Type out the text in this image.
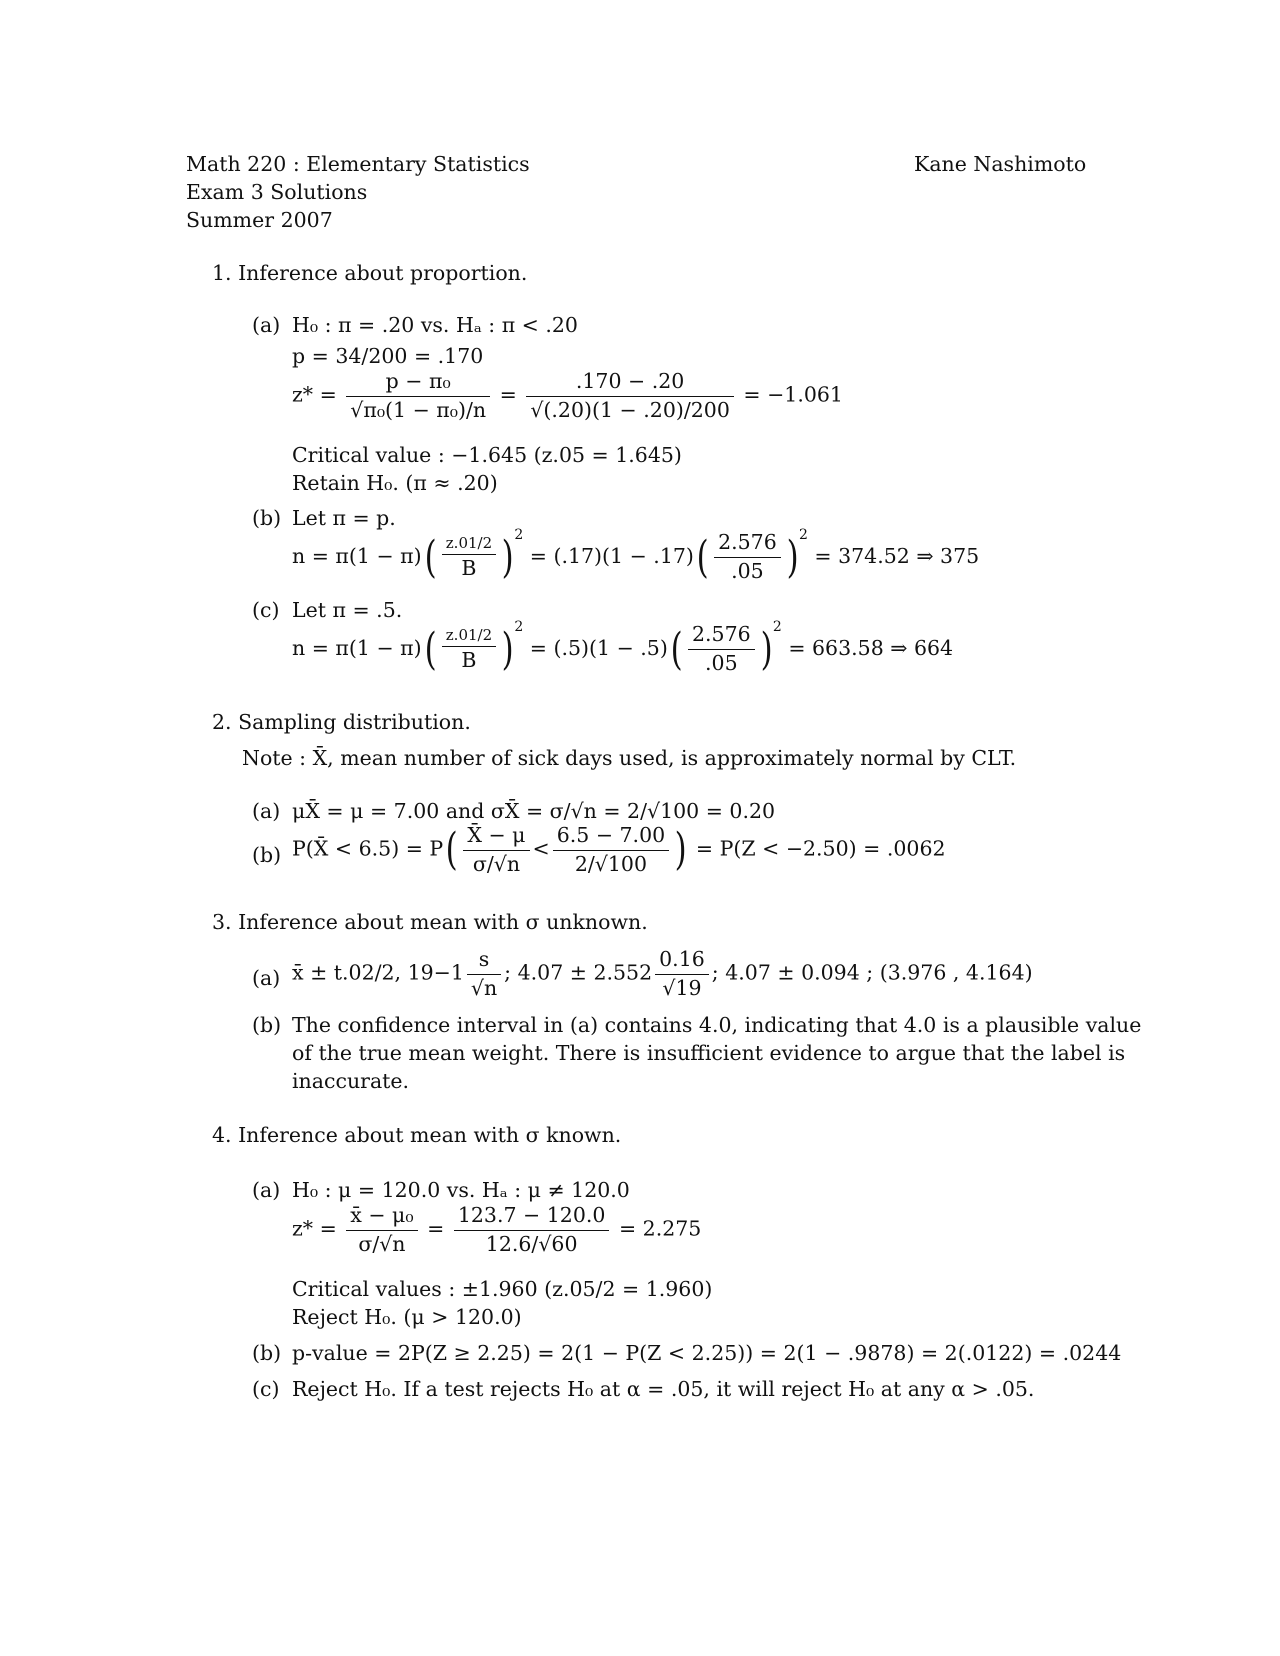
Math 220 : Elementary Statistics
Exam 3 Solutions
Summer 2007
Kane Nashimoto
1. Inference about proportion.
(a) H₀ : π = .20 vs. Hₐ : π < .20
p = 34/200 = .170
$z* = \frac{\text{p − π₀}}{\text{√π₀(1 − π₀)/n}} = \frac{.170 - .20}{√(.20)(1 - .20)/200} = -1.061$
Critical value : −1.645 (z.05 = 1.645)
Retain H₀. (π ≈ .20)
(b) Let π = p.
$n = \pi(1 - \pi)( \frac{z.01/2}{B} )^2 = (.17)(1 - .17)( \frac{2.576}{.05} )^2 = 374.52$ ⇒ 375
(c) Let π = .5.
$n = \pi(1 - \pi)( \frac{z.01/2}{B} )^2 = (.5)(1 - .5)( \frac{2.576}{.05} )^2 = 663.58$ ⇒ 664
2. Sampling distribution.
Note : X̄, mean number of sick days used, is approximately normal by CLT.
(a) μX̄ = μ = 7.00 and σX̄ = σ/√n = 2/√100 = 0.20
(b) P(X̄ < $6.5) = P( \frac{X̄ - \mu}{\sigma/√n} < \frac{6.5 - 7.00}{2/√100}$ ) = P(Z < −2.50) = .0062
3. Inference about mean with σ unknown.
(a) x̄ ± t.02/2, $19-1 \frac{s}{√n}$ ; $4.07 \pm 2.552 \frac{0.16}{√19}$ ; 4.07 ± 0.094 ; (3.976 , 4.164)
(b) The confidence interval in (a) contains 4.0, indicating that 4.0 is a plausible value
of the true mean weight. There is insufficient evidence to argue that the label is
inaccurate.
4. Inference about mean with σ known.
(a) H₀ : μ = 120.0 vs. Hₐ : μ ≠ 120.0
$z* = \frac{\text{x̄ − μ₀}}{\sigma/√n} = \frac{123.7 - 120.0}{12.6/√60} = 2.275$
Critical values : ±1.960 (z.05/2 = 1.960)
Reject H₀. (μ > 120.0)
(b) p-value = 2P(Z ≥ 2.25) = 2(1 − P(Z < 2.25)) = 2(1 − .9878) = 2(.0122) = .0244
(c) Reject H₀. If a test rejects H₀ at α = .05, it will reject H₀ at any α > .05.
